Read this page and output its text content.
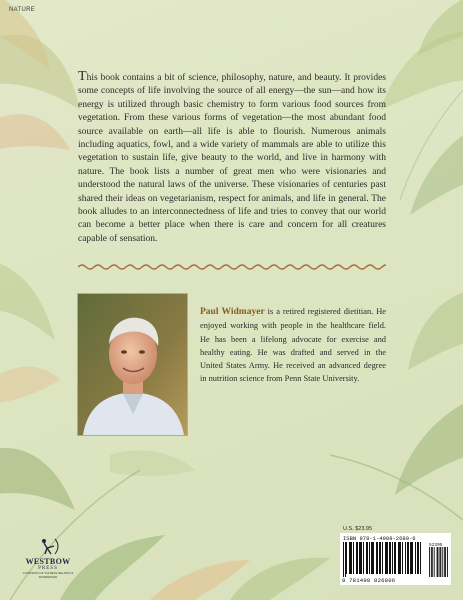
NATURE

This book contains a bit of science, philosophy, nature, and beauty. It provides some concepts of life involving the source of all energy—the sun—and how its energy is utilized through basic chemistry to form various food sources from vegetation. From these various forms of vegetation—the most abundant food source available on earth—all life is able to flourish. Numerous animals including aquatics, fowl, and a wide variety of mammals are able to utilize this vegetation to sustain life, give beauty to the world, and live in harmony with nature. The book lists a number of great men who were visionaries and understood the natural laws of the universe. These visionaries of centuries past shared their ideas on vegetarianism, respect for animals, and life in general. The book alludes to an interconnectedness of life and tries to convey that our world can become a better place when there is care and concern for all creatures capable of sensation.

Paul Widmayer is a retired registered dietitian. He enjoyed working with people in the healthcare field. He has been a lifelong advocate for exercise and healthy eating. He was drafted and served in the United States Army. He received an advanced degree in nutrition science from Penn State University.

WESTBOW
PRESS
A DIVISION OF THOMAS NELSON & ZONDERVAN
U.S. $23.95
ISBN 978-1-4908-2680-6
52395
9 781490 826806
